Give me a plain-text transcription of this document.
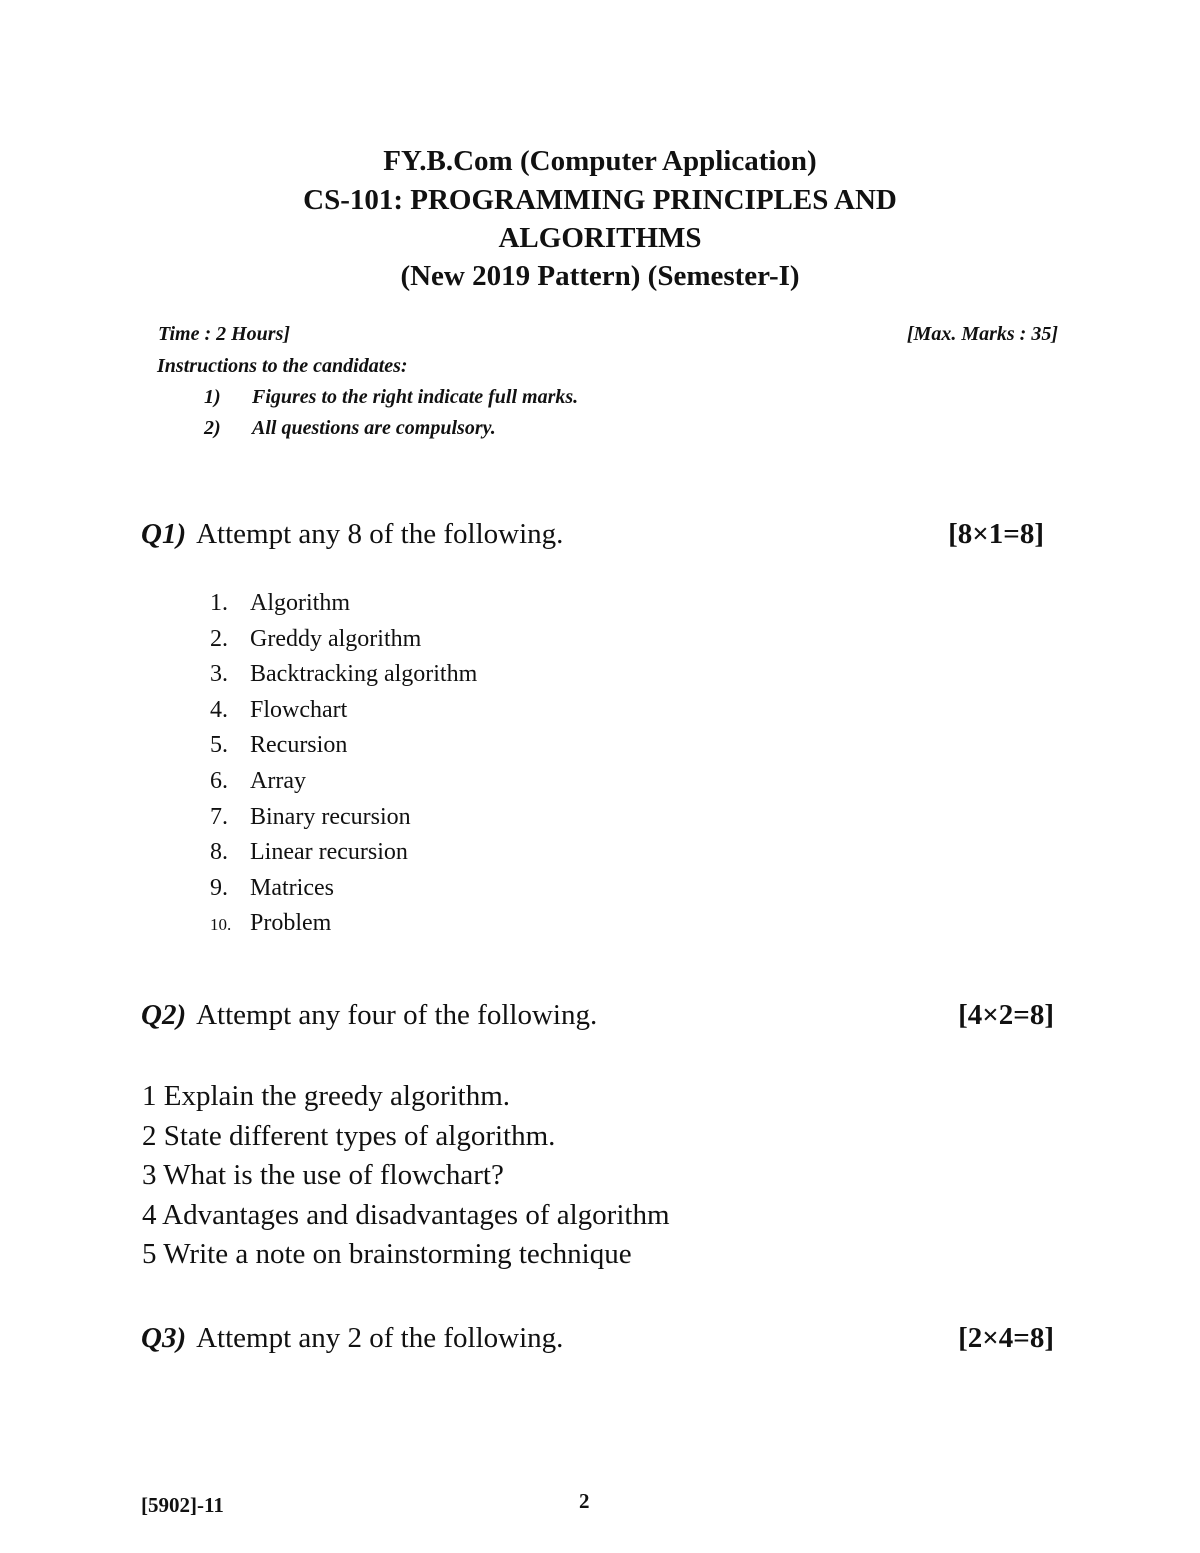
FY.B.Com (Computer Application)
CS-101: PROGRAMMING PRINCIPLES AND
ALGORITHMS
(New 2019 Pattern) (Semester-I)
Time : 2 Hours]	[Max. Marks : 35]
Instructions to the candidates:
1) Figures to the right indicate full marks.
2) All questions are compulsory.
Q1) Attempt any 8 of the following.	[8×1=8]
1. Algorithm
2. Greddy algorithm
3. Backtracking algorithm
4. Flowchart
5. Recursion
6. Array
7. Binary recursion
8. Linear recursion
9. Matrices
10. Problem
Q2) Attempt any four of the following.	[4×2=8]
1 Explain the greedy algorithm.
2 State different types of algorithm.
3 What is the use of flowchart?
4 Advantages and disadvantages of algorithm
5 Write a note on brainstorming technique
Q3) Attempt any 2 of the following.	[2×4=8]
[5902]-11	2
